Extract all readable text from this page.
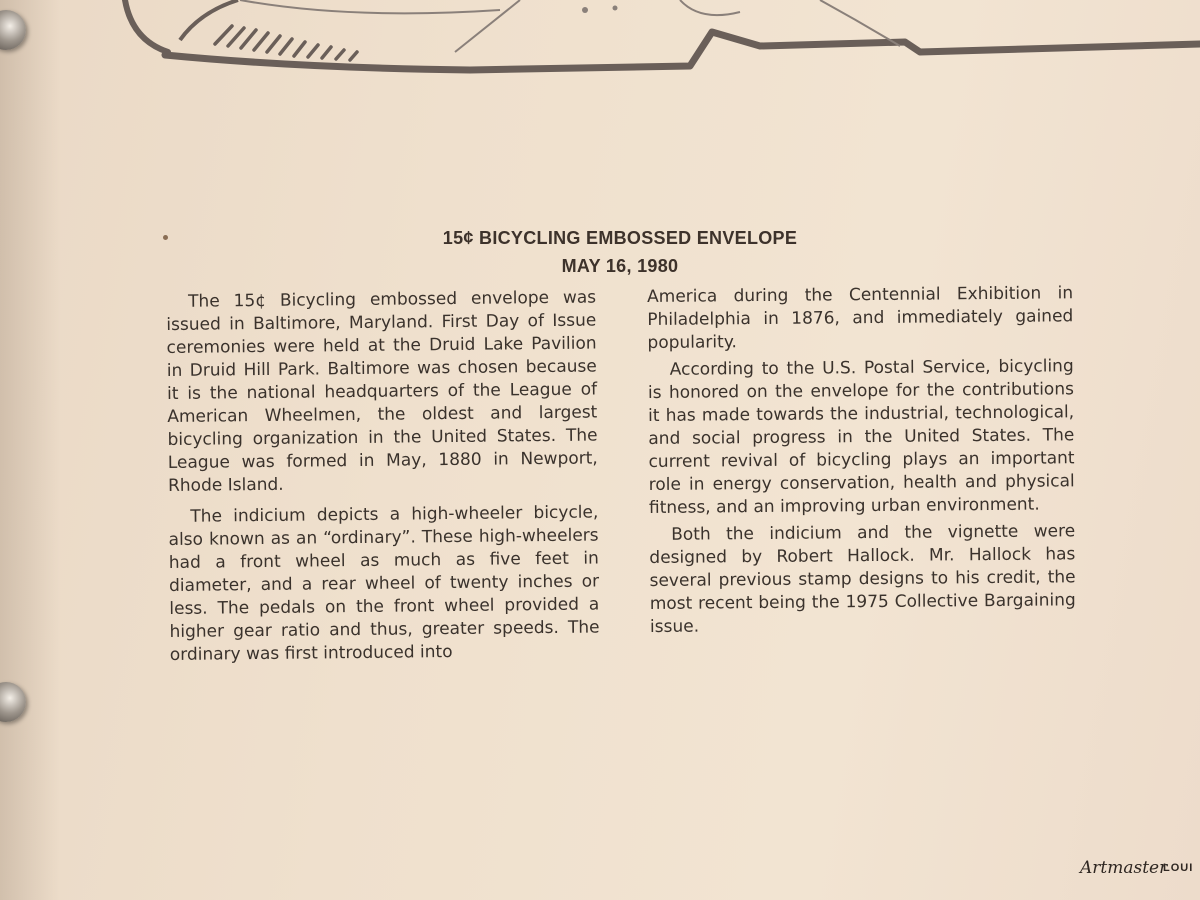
15¢ BICYCLING EMBOSSED ENVELOPE
MAY 16, 1980

The 15¢ Bicycling embossed envelope was issued in Baltimore, Maryland. First Day of Issue ceremonies were held at the Druid Lake Pavilion in Druid Hill Park. Baltimore was chosen because it is the national headquarters of the League of American Wheelmen, the oldest and largest bicycling organization in the United States. The League was formed in May, 1880 in Newport, Rhode Island.

The indicium depicts a high-wheeler bicycle, also known as an “ordinary”. These high-wheelers had a front wheel as much as five feet in diameter, and a rear wheel of twenty inches or less. The pedals on the front wheel provided a higher gear ratio and thus, greater speeds. The ordinary was first introduced into

America during the Centennial Exhibition in Philadelphia in 1876, and immediately gained popularity.

According to the U.S. Postal Service, bicycling is honored on the envelope for the contributions it has made towards the industrial, technological, and social progress in the United States. The current revival of bicycling plays an important role in energy conservation, health and physical fitness, and an improving urban environment.

Both the indicium and the vignette were designed by Robert Hallock. Mr. Hallock has several previous stamp designs to his credit, the most recent being the 1975 Collective Bargaining issue.

Artmaster
LOUI
